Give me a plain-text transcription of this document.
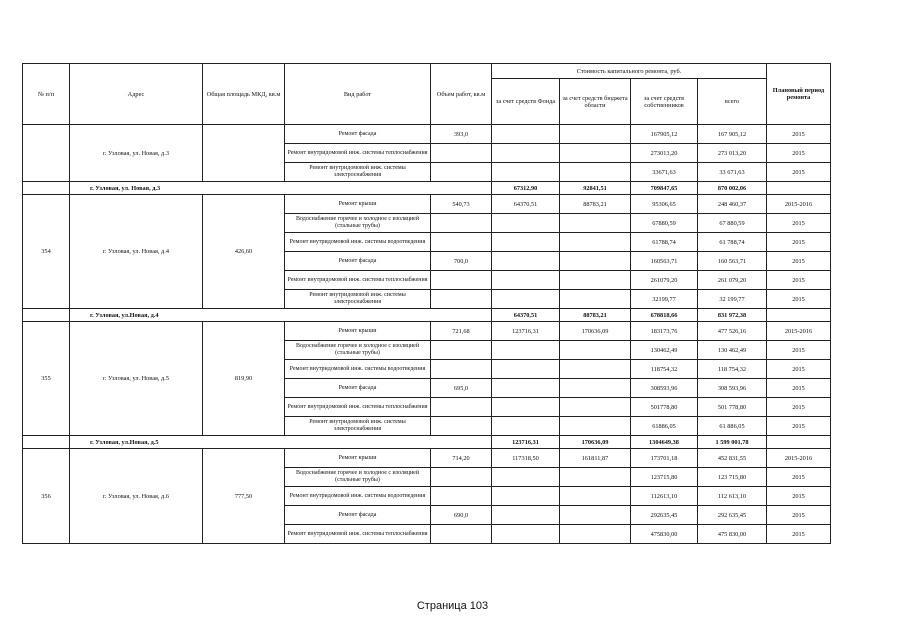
№ п/п	Адрес	Общая площадь МКД, кв.м	Вид работ	Объем работ, кв.м	Стоимость капитального ремонта, руб.				Плановый период ремонта
					за счет средств Фонда	за счет средств бюджета области	за счет средств собственников	всего	
	г. Узловая, ул. Новая, д.3		Ремонт фасада	393,0			167905,12	167 905,12	2015
			Ремонт внутридомовой инж. системы теплоснабжения				273013,20	273 013,20	2015
			Ремонт внутридомовой инж. системы электроснабжения				33671,63	33 671,63	2015
	г. Узловая, ул. Новая, д.3				67312,90	92841,51	709847,65	870 002,06	
354	г. Узловая, ул. Новая, д.4	426,60	Ремонт крыши	540,73	64370,51	88783,21	95306,65	248 460,37	2015-2016
			Водоснабжение горячее и холодное с изоляцией (стальные трубы)				67880,59	67 880,59	2015
			Ремонт внутридомовой инж. системы водоотведения				61788,74	61 788,74	2015
			Ремонт фасада	700,0			160563,71	160 563,71	2015
			Ремонт внутридомовой инж. системы теплоснабжения				261079,20	261 079,20	2015
			Ремонт внутридомовой инж. системы электроснабжения				32199,77	32 199,77	2015
	г. Узловая, ул.Новая, д.4				64370,51	88783,21	678818,66	831 972,38	
355	г. Узловая, ул. Новая, д.5	819,90	Ремонт крыши	721,68	123716,31	170636,09	183173,76	477 526,16	2015-2016
			Водоснабжение горячее и холодное с изоляцией (стальные трубы)				130462,49	130 462,49	2015
			Ремонт внутридомовой инж. системы водоотведения				118754,32	118 754,32	2015
			Ремонт фасада	695,0			308593,96	308 593,96	2015
			Ремонт внутридомовой инж. системы теплоснабжения				501778,80	501 778,80	2015
			Ремонт внутридомовой инж. системы электроснабжения				61886,05	61 886,05	2015
	г. Узловая, ул.Новая, д.5				123716,31	170636,09	1304649,38	1 599 001,78	
356	г. Узловая, ул. Новая, д.6	777,50	Ремонт крыши	714,20	117318,50	161811,87	173701,18	452 831,55	2015-2016
			Водоснабжение горячее и холодное с изоляцией (стальные трубы)				123715,80	123 715,80	2015
			Ремонт внутридомовой инж. системы водоотведения				112613,10	112 613,10	2015
			Ремонт фасада	690,0			292635,45	292 635,45	2015
			Ремонт внутридомовой инж. системы теплоснабжения				475830,00	475 830,00	2015
Страница 103
